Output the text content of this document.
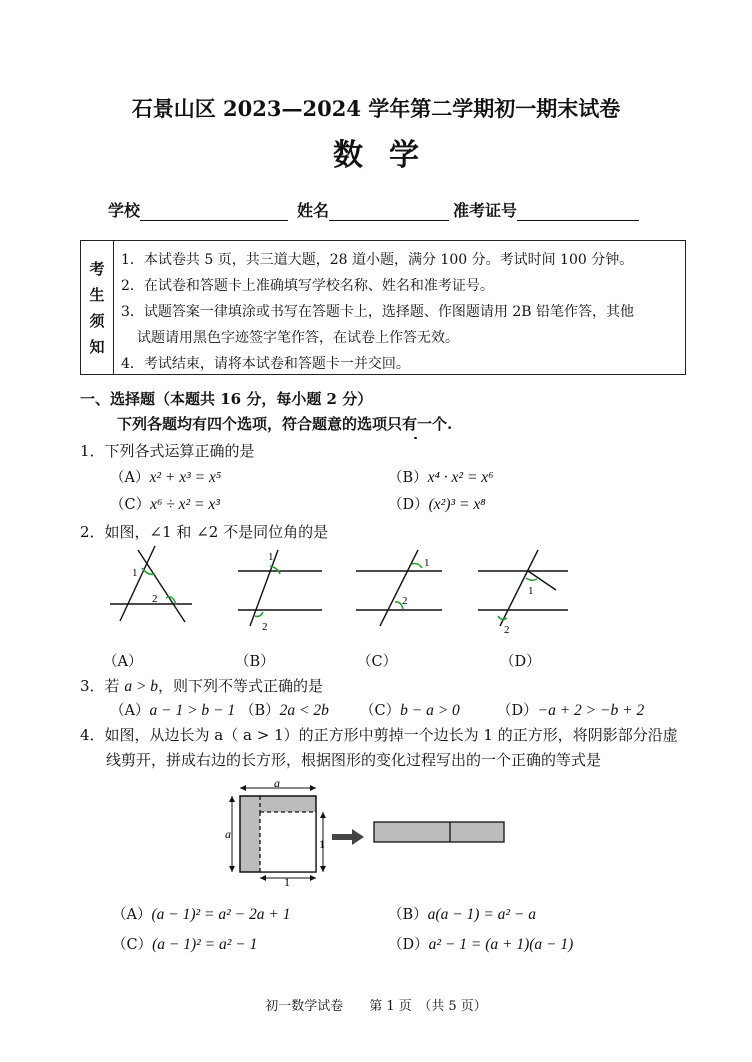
石景山区 2023—2024 学年第二学期初一期末试卷
数学
学校	姓名	准考证号
考
生
须
知
1．本试卷共 5 页，共三道大题，28 道小题，满分 100 分。考试时间 100 分钟。
2．在试卷和答题卡上准确填写学校名称、姓名和准考证号。
3．试题答案一律填涂或书写在答题卡上，选择题、作图题请用 2B 铅笔作答，其他
试题请用黑色字迹签字笔作答，在试卷上作答无效。
4．考试结束，请将本试卷和答题卡一并交回。
一、选择题（本题共 16 分，每小题 2 分）
下列各题均有四个选项，符合题意的选项只有一个.
1．下列各式运算正确的是
（A）x² + x³ = x⁵	（B）x⁴ · x² = x⁶
（C）x⁶ ÷ x² = x³	（D）(x²)³ = x⁸
2．如图，∠1 和 ∠2 不是同位角的是
1
2
1
2
1
2
1
2
（A）	（B）	（C）	（D）
3．若 a > b，则下列不等式正确的是
（A）a − 1 > b − 1 （B）2a < 2b （C）b − a > 0	（D）−a + 2 > −b + 2
4．如图，从边长为 a（ a > 1）的正方形中剪掉一个边长为 1 的正方形，将阴影部分沿虚
线剪开，拼成右边的长方形，根据图形的变化过程写出的一个正确的等式是
a
a
1
1
（A）(a − 1)² = a² − 2a + 1	（B）a(a − 1) = a² − a
（C）(a − 1)² = a² − 1	（D）a² − 1 = (a + 1)(a − 1)
初一数学试卷　　第 1 页　（共 5 页）
